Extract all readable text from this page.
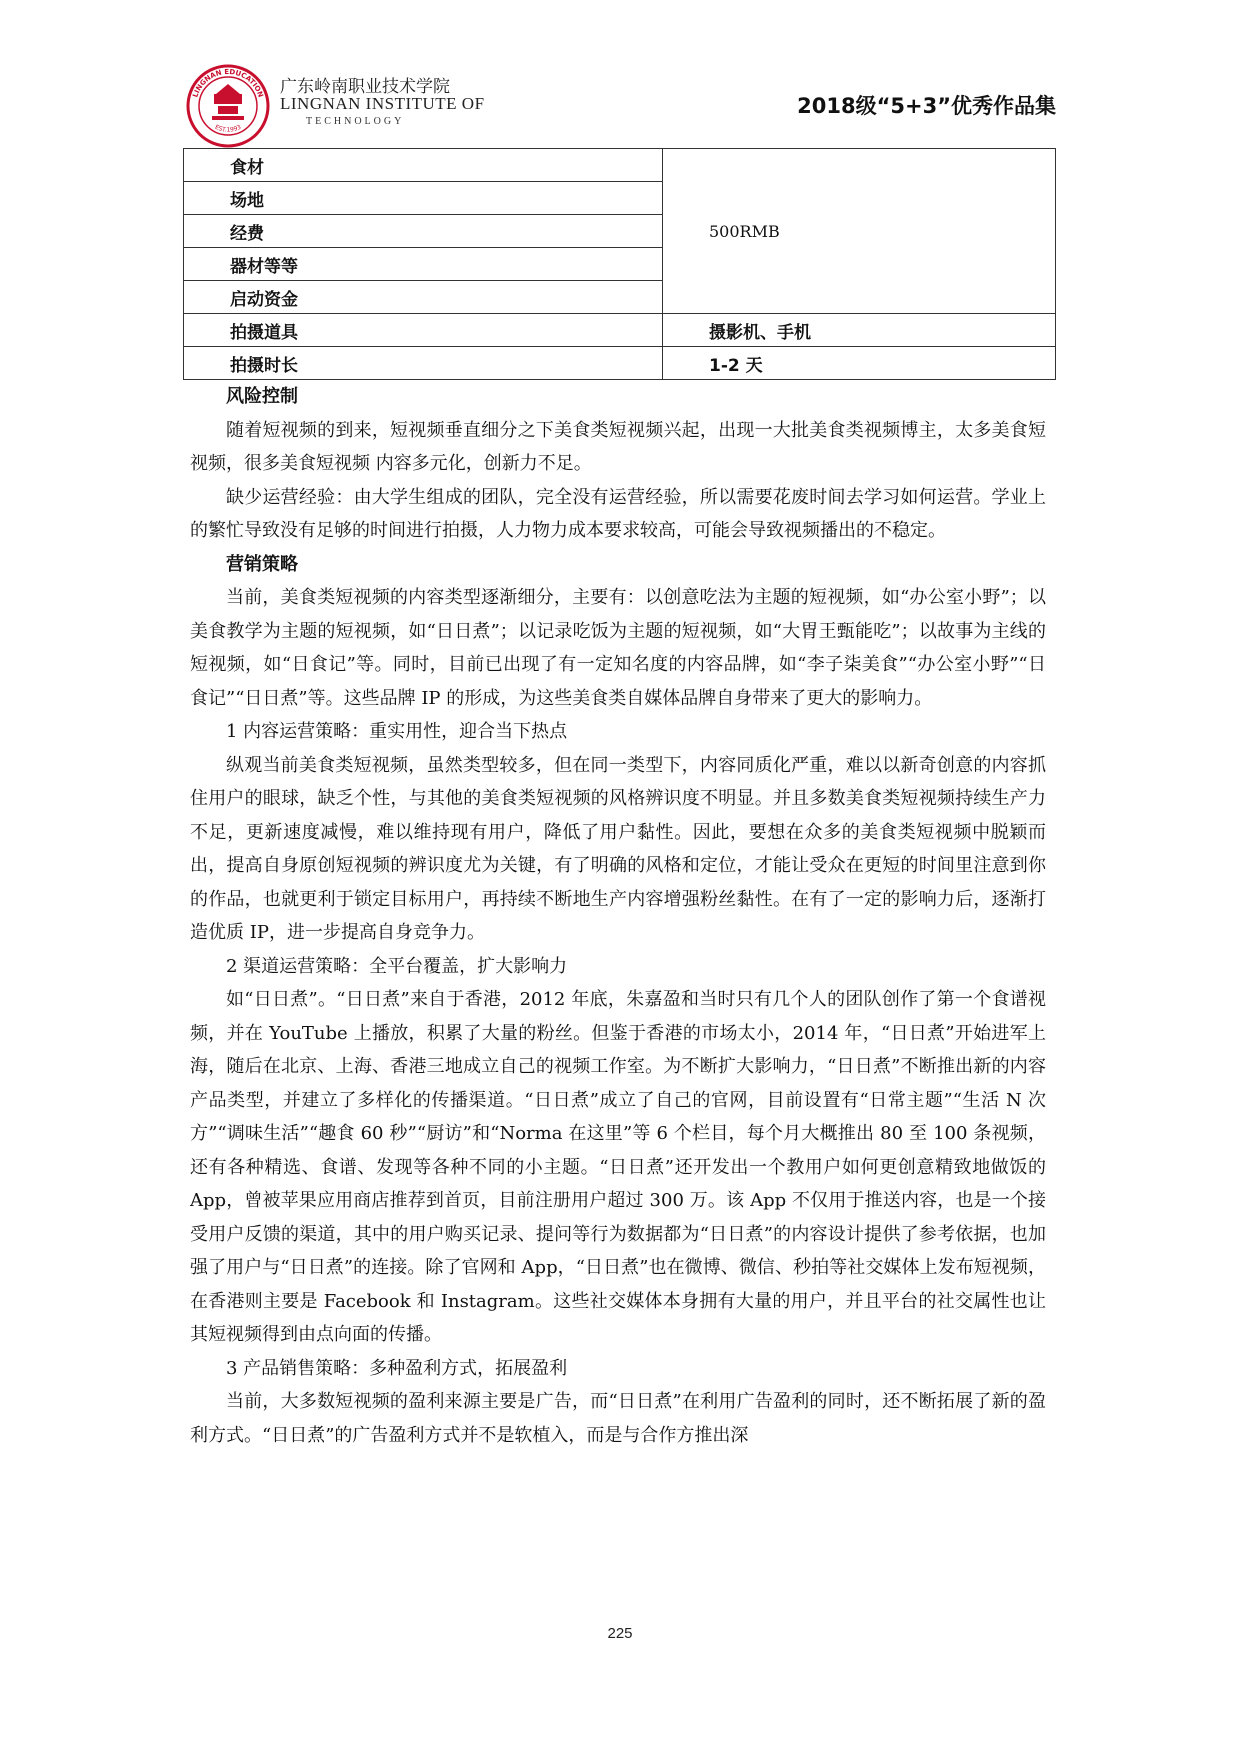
LINGNAN EDUCATION
EST.1993
广东岭南职业技术学院
LINGNAN INSTITUTE OF
TECHNOLOGY
2018级“5+3”优秀作品集
食材	500RMB
场地	
经费	
器材等等	
启动资金	
拍摄道具	摄影机、手机
拍摄时长	1-2 天

风险控制

随着短视频的到来，短视频垂直细分之下美食类短视频兴起，出现一大批美食类视频博主，太多美食短视频，很多美食短视频 内容多元化，创新力不足。

缺少运营经验：由大学生组成的团队，完全没有运营经验，所以需要花废时间去学习如何运营。学业上的繁忙导致没有足够的时间进行拍摄，人力物力成本要求较高，可能会导致视频播出的不稳定。

营销策略

当前，美食类短视频的内容类型逐渐细分，主要有：以创意吃法为主题的短视频，如“办公室小野”；以美食教学为主题的短视频，如“日日煮”；以记录吃饭为主题的短视频，如“大胃王甄能吃”；以故事为主线的短视频，如“日食记”等。同时，目前已出现了有一定知名度的内容品牌，如“李子柒美食”“办公室小野”“日食记”“日日煮”等。这些品牌 IP 的形成，为这些美食类自媒体品牌自身带来了更大的影响力。

1 内容运营策略：重实用性，迎合当下热点

纵观当前美食类短视频，虽然类型较多，但在同一类型下，内容同质化严重，难以以新奇创意的内容抓住用户的眼球，缺乏个性，与其他的美食类短视频的风格辨识度不明显。并且多数美食类短视频持续生产力不足，更新速度减慢，难以维持现有用户，降低了用户黏性。因此，要想在众多的美食类短视频中脱颖而出，提高自身原创短视频的辨识度尤为关键，有了明确的风格和定位，才能让受众在更短的时间里注意到你的作品，也就更利于锁定目标用户，再持续不断地生产内容增强粉丝黏性。在有了一定的影响力后，逐渐打造优质 IP，进一步提高自身竞争力。

2 渠道运营策略：全平台覆盖，扩大影响力

如“日日煮”。“日日煮”来自于香港，2012 年底，朱嘉盈和当时只有几个人的团队创作了第一个食谱视频，并在 YouTube 上播放，积累了大量的粉丝。但鉴于香港的市场太小，2014 年，“日日煮”开始进军上海，随后在北京、上海、香港三地成立自己的视频工作室。为不断扩大影响力，“日日煮”不断推出新的内容产品类型，并建立了多样化的传播渠道。“日日煮”成立了自己的官网，目前设置有“日常主题”“生活 N 次方”“调味生活”“趣食 60 秒”“厨访”和“Norma 在这里”等 6 个栏目，每个月大概推出 80 至 100 条视频，还有各种精选、食谱、发现等各种不同的小主题。“日日煮”还开发出一个教用户如何更创意精致地做饭的 App，曾被苹果应用商店推荐到首页，目前注册用户超过 300 万。该 App 不仅用于推送内容，也是一个接受用户反馈的渠道，其中的用户购买记录、提问等行为数据都为“日日煮”的内容设计提供了参考依据，也加强了用户与“日日煮”的连接。除了官网和 App，“日日煮”也在微博、微信、秒拍等社交媒体上发布短视频，在香港则主要是 Facebook 和 Instagram。这些社交媒体本身拥有大量的用户，并且平台的社交属性也让其短视频得到由点向面的传播。

3 产品销售策略：多种盈利方式，拓展盈利

当前，大多数短视频的盈利来源主要是广告，而“日日煮”在利用广告盈利的同时，还不断拓展了新的盈利方式。“日日煮”的广告盈利方式并不是软植入，而是与合作方推出深

225
